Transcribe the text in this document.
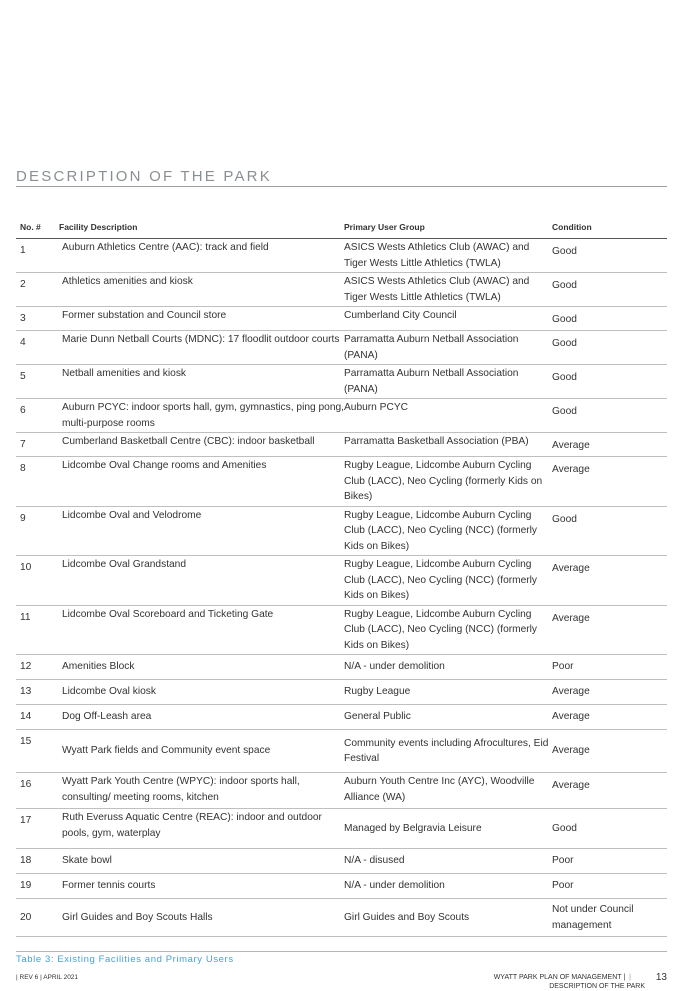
DESCRIPTION OF THE PARK
No. #	Facility Description	Primary User Group	Condition
1	Auburn Athletics Centre (AAC): track and field	ASICS Wests Athletics Club (AWAC) and Tiger Wests Little Athletics (TWLA)	Good
2	Athletics amenities and kiosk	ASICS Wests Athletics Club (AWAC) and Tiger Wests Little Athletics (TWLA)	Good
3	Former substation and Council store	Cumberland City Council	Good
4	Marie Dunn Netball Courts (MDNC): 17 floodlit outdoor courts	Parramatta Auburn Netball Association (PANA)	Good
5	Netball amenities and kiosk	Parramatta Auburn Netball Association (PANA)	Good
6	Auburn PCYC: indoor sports hall, gym, gymnastics, ping pong, multi-purpose rooms	Auburn PCYC	Good
7	Cumberland Basketball Centre (CBC): indoor basketball	Parramatta Basketball Association (PBA)	Average
8	Lidcombe Oval Change rooms and Amenities	Rugby League, Lidcombe Auburn Cycling Club (LACC), Neo Cycling (formerly Kids on Bikes)	Average
9	Lidcombe Oval and Velodrome	Rugby League, Lidcombe Auburn Cycling Club (LACC), Neo Cycling (NCC) (formerly Kids on Bikes)	Good
10	Lidcombe Oval Grandstand	Rugby League, Lidcombe Auburn Cycling Club (LACC), Neo Cycling (NCC) (formerly Kids on Bikes)	Average
11	Lidcombe Oval Scoreboard and Ticketing Gate	Rugby League, Lidcombe Auburn Cycling Club (LACC), Neo Cycling (NCC) (formerly Kids on Bikes)	Average
12	Amenities Block	N/A - under demolition	Poor
13	Lidcombe Oval kiosk	Rugby League	Average
14	Dog Off-Leash area	General Public	Average
15	Wyatt Park fields and Community event space	Community events including Afrocultures, Eid Festival	Average
16	Wyatt Park Youth Centre (WPYC): indoor sports hall, consulting/ meeting rooms, kitchen	Auburn Youth Centre Inc (AYC), Woodville Alliance (WA)	Average
17	Ruth Everuss Aquatic Centre (REAC): indoor and outdoor pools, gym, waterplay	Managed by Belgravia Leisure	Good
18	Skate bowl	N/A - disused	Poor
19	Former tennis courts	N/A - under demolition	Poor
20	Girl Guides and Boy Scouts Halls	Girl Guides and Boy Scouts	Not under Council management
Table 3: Existing Facilities and Primary Users
| REV 6 | APRIL 2021	WYATT PARK PLAN OF MANAGEMENT | |
DESCRIPTION OF THE PARK
13
